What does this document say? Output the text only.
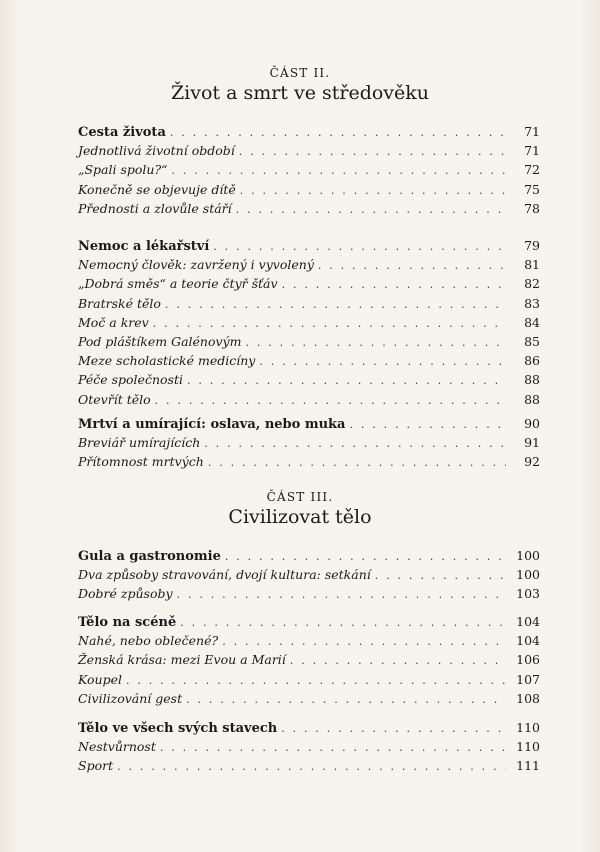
ČÁST II.
Život a smrt ve středověku
Cesta života . . .	71
Jednotlivá životní období . . .	71
„Spali spolu?“ . . .	72
Konečně se objevuje dítě . . .	75
Přednosti a zlovůle stáří . . .	78
Nemoc a lékařství . . .	79
Nemocný člověk: zavržený i vyvolený . . .	81
„Dobrá směs“ a teorie čtyř šťáv . . .	82
Bratrské tělo . . .	83
Moč a krev . . .	84
Pod pláštíkem Galénovým . . .	85
Meze scholastické medicíny . . .	86
Péče společnosti . . .	88
Otevřít tělo . . .	88
Mrtví a umírající: oslava, nebo muka . . .	90
Breviář umírajících . . .	91
Přítomnost mrtvých . . .	92
ČÁST III.
Civilizovat tělo
Gula a gastronomie . . .	100
Dva způsoby stravování, dvojí kultura: setkání . . .	100
Dobré způsoby . . .	103
Tělo na scéně . . .	104
Nahé, nebo oblečené? . . .	104
Ženská krása: mezi Evou a Marií . . .	106
Koupel . . .	107
Civilizování gest . . .	108
Tělo ve všech svých stavech . . .	110
Nestvůrnost . . .	110
Sport . . .	111
